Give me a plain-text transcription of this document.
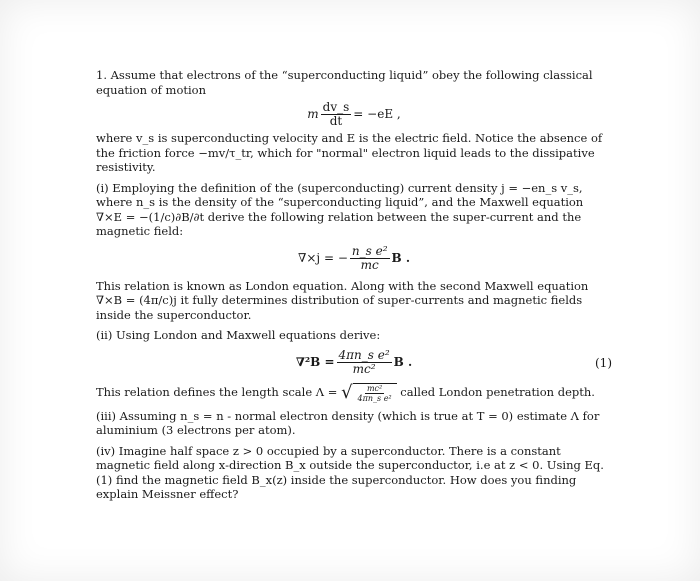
1. Assume that electrons of the “superconducting liquid” obey the following classical equation of motion

m $\frac{dv\_s}{dt} = -eE$ ,

where v_s is superconducting velocity and E is the electric field. Notice the absence of the friction force −mv/τ_tr, which for "normal" electron liquid leads to the dissipative resistivity.

(i) Employing the definition of the (superconducting) current density j = −en_s v_s, where n_s is the density of the “superconducting liquid”, and the Maxwell equation ∇×E = −(1/c)∂B/∂t derive the following relation between the super-current and the magnetic field:

∇×j = − $\frac{\text{n\_s e²}}{mc}$ B .

This relation is known as London equation. Along with the second Maxwell equation ∇×B = (4π/c)j it fully determines distribution of super-currents and magnetic fields inside the superconductor.

(ii) Using London and Maxwell equations derive:

$\nabla^2B = \frac{\text{4πn\_s e²}}{\text{mc²}}$ B .	(1)

This relation defines the length scale Λ = √ $\frac{\text{mc²}}{\text{4πn\_s e²}}$ called London penetration depth.

(iii) Assuming n_s = n - normal electron density (which is true at T = 0) estimate Λ for aluminium (3 electrons per atom).

(iv) Imagine half space z > 0 occupied by a superconductor. There is a constant magnetic field along x-direction B_x outside the superconductor, i.e at z < 0. Using Eq. (1) find the magnetic field B_x(z) inside the superconductor. How does you finding explain Meissner effect?
